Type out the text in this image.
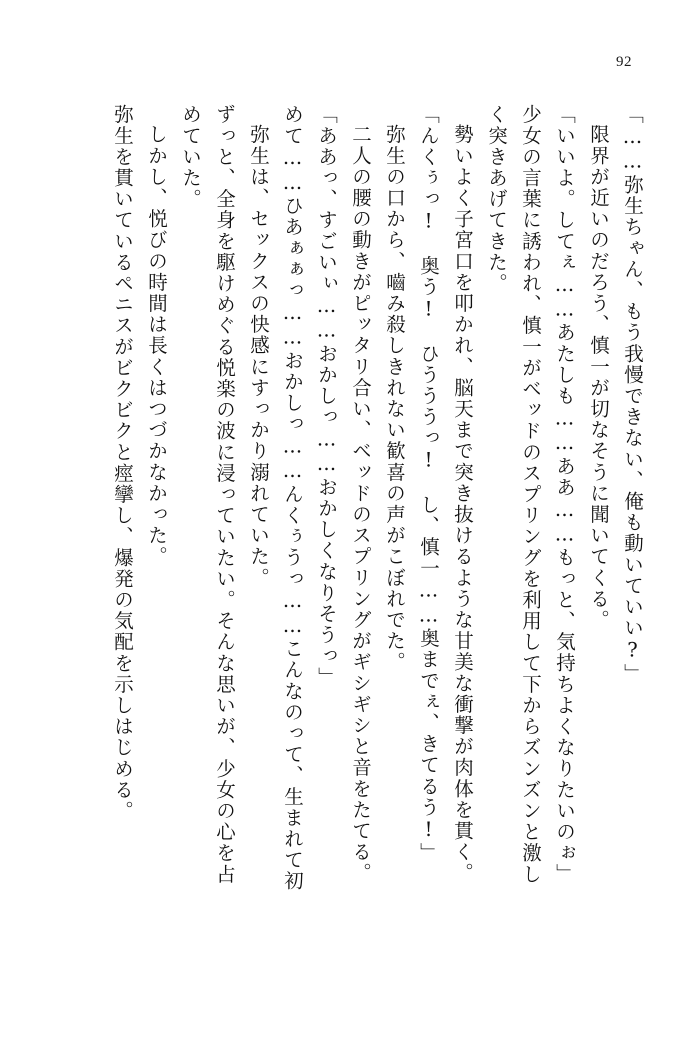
92
「……弥生ちゃん、もう我慢できない、俺も動いていい?」
限界が近いのだろう、慎一が切なそうに聞いてくる。
「いいよ。してぇ……あたしも……ああ……もっと、気持ちよくなりたいのぉ」
少女の言葉に誘われ、慎一がベッドのスプリングを利用して下からズンズンと激し
く突きあげてきた。
勢いよく子宮口を叩かれ、脳天まで突き抜けるような甘美な衝撃が肉体を貫く。
「んくぅっ!　奥う!　ひうううっ!　し、慎一……奥までぇ、きてるう!」
弥生の口から、嚙み殺しきれない歓喜の声がこぼれでた。
二人の腰の動きがピッタリ合い、ベッドのスプリングがギシギシと音をたてる。
「ああっ、すごいぃ……おかしっ……おかしくなりそうっ」
めて……ひあぁぁっ……おかしっ……んくぅうっ……こんなのって、生まれて初
弥生は、セックスの快感にすっかり溺れていた。
ずっと、全身を駆けめぐる悦楽の波に浸っていたい。そんな思いが、少女の心を占
めていた。
しかし、悦びの時間は長くはつづかなかった。
弥生を貫いているペニスがビクビクと痙攣し、爆発の気配を示しはじめる。
